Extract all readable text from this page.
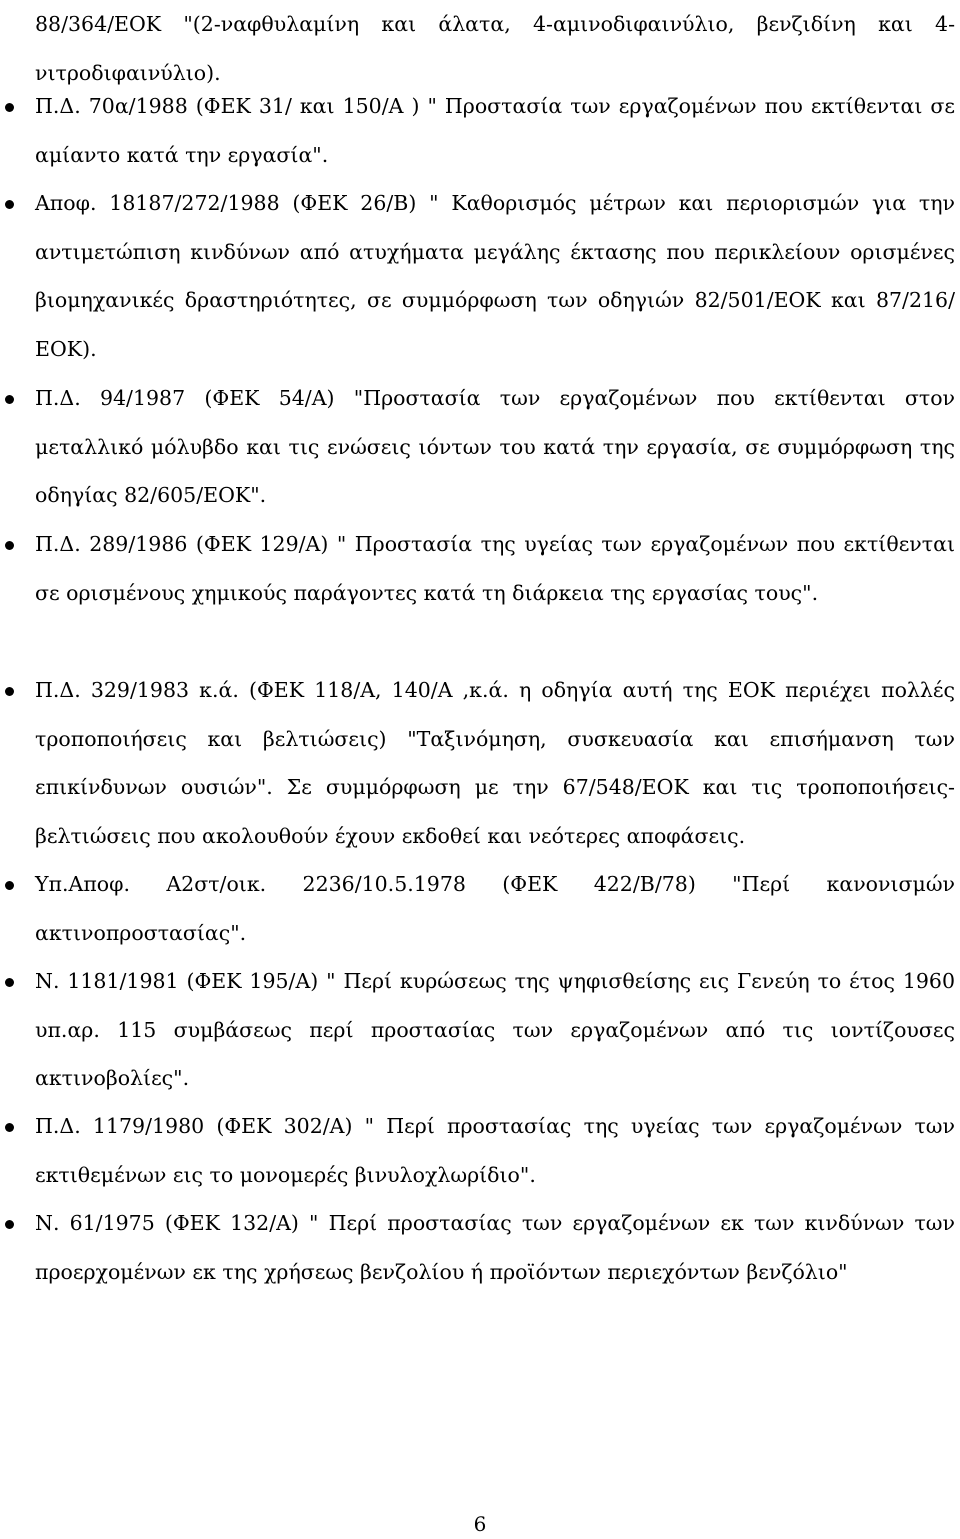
88/364/ΕΟΚ "(2-ναφθυλαμίνη και άλατα, 4-αμινοδιφαινύλιο, βενζιδίνη και 4-νιτροδιφαινύλιο).

Π.Δ. 70α/1988 (ΦΕΚ 31/ και 150/Α ) " Προστασία των εργαζομένων που εκτίθενται σε αμίαντο κατά την εργασία".
Αποφ. 18187/272/1988 (ΦΕΚ 26/Β) " Καθορισμός μέτρων και περιορισμών για την αντιμετώπιση κινδύνων από ατυχήματα μεγάλης έκτασης που περικλείουν ορισμένες βιομηχανικές δραστηριότητες, σε συμμόρφωση των οδηγιών 82/501/ΕΟΚ και 87/216/ΕΟΚ).
Π.Δ. 94/1987 (ΦΕΚ 54/Α) "Προστασία των εργαζομένων που εκτίθενται στον μεταλλικό μόλυβδο και τις ενώσεις ιόντων του κατά την εργασία, σε συμμόρφωση της οδηγίας 82/605/ΕΟΚ".
Π.Δ. 289/1986 (ΦΕΚ 129/Α) " Προστασία της υγείας των εργαζομένων που εκτίθενται σε ορισμένους χημικούς παράγοντες κατά τη διάρκεια της εργασίας τους".
Π.Δ. 329/1983 κ.ά. (ΦΕΚ 118/Α, 140/Α ,κ.ά. η οδηγία αυτή της ΕΟΚ περιέχει πολλές τροποποιήσεις και βελτιώσεις) "Ταξινόμηση, συσκευασία και επισήμανση των επικίνδυνων ουσιών". Σε συμμόρφωση με την 67/548/ΕΟΚ και τις τροποποιήσεις-βελτιώσεις που ακολουθούν έχουν εκδοθεί και νεότερες αποφάσεις.
Υπ.Αποφ. Α2στ/οικ. 2236/10.5.1978 (ΦΕΚ 422/Β/78) "Περί κανονισμών ακτινοπροστασίας".
Ν. 1181/1981 (ΦΕΚ 195/Α) " Περί κυρώσεως της ψηφισθείσης εις Γενεύη το έτος 1960 υπ.αρ. 115 συμβάσεως περί προστασίας των εργαζομένων από τις ιοντίζουσες ακτινοβολίες".
Π.Δ. 1179/1980 (ΦΕΚ 302/Α) " Περί προστασίας της υγείας των εργαζομένων των εκτιθεμένων εις το μονομερές βινυλοχλωρίδιο".
Ν. 61/1975 (ΦΕΚ 132/Α) " Περί προστασίας των εργαζομένων εκ των κινδύνων των προερχομένων εκ της χρήσεως βενζολίου ή προϊόντων περιεχόντων βενζόλιο"
6
